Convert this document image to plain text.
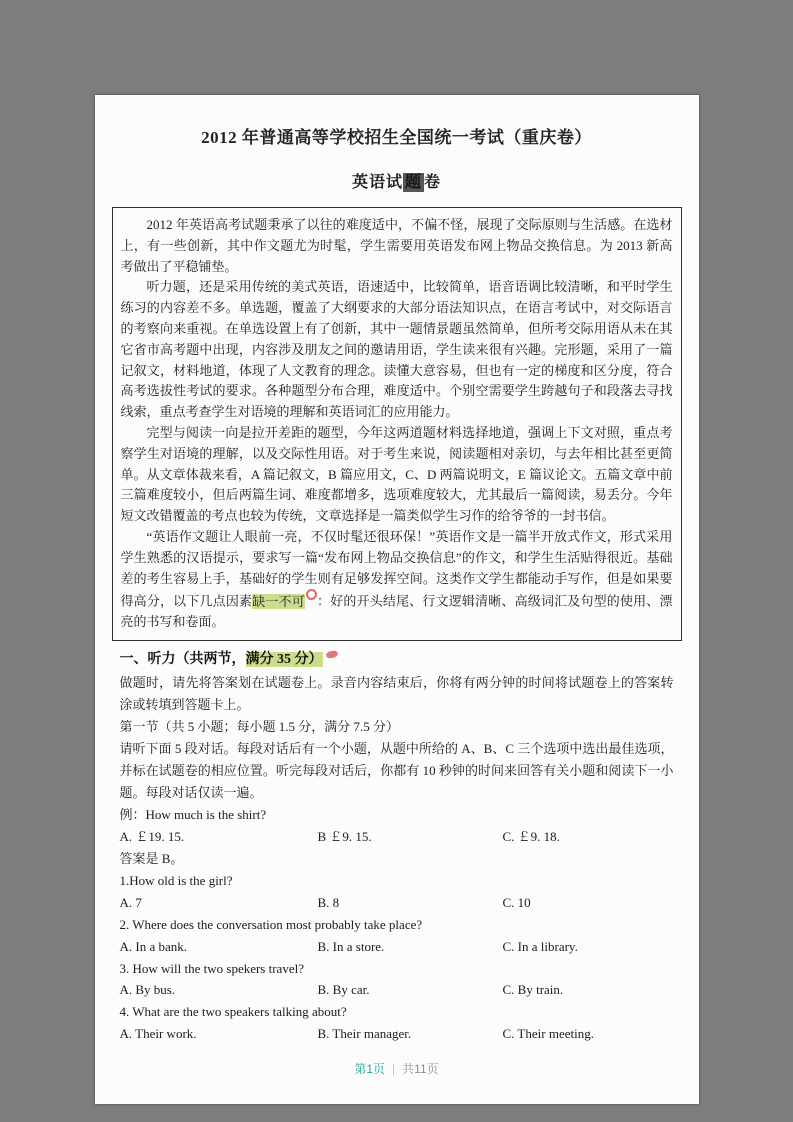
2012 年普通高等学校招生全国统一考试（重庆卷）
英语试 题 卷

2012 年英语高考试题秉承了以往的难度适中，不偏不怪，展现了交际原则与生活感。在选材上，有一些创新，其中作文题尤为时髦，学生需要用英语发布网上物品交换信息。为 2013 新高考做出了平稳铺垫。

听力题，还是采用传统的美式英语，语速适中，比较简单，语音语调比较清晰，和平时学生练习的内容差不多。单选题，覆盖了大纲要求的大部分语法知识点，在语言考试中，对交际语言的考察向来重视。在单选设置上有了创新，其中一题情景题虽然简单，但所考交际用语从未在其它省市高考题中出现，内容涉及朋友之间的邀请用语，学生读来很有兴趣。完形题，采用了一篇记叙文，材料地道，体现了人文教育的理念。读懂大意容易，但也有一定的梯度和区分度，符合高考选拔性考试的要求。各种题型分布合理，难度适中。个别空需要学生跨越句子和段落去寻找线索，重点考查学生对语境的理解和英语词汇的应用能力。

完型与阅读一向是拉开差距的题型，今年这两道题材料选择地道，强调上下文对照，重点考察学生对语境的理解，以及交际性用语。对于考生来说，阅读题相对亲切，与去年相比甚至更简单。从文章体裁来看，A 篇记叙文，B 篇应用文，C、D 两篇说明文，E 篇议论文。五篇文章中前三篇难度较小，但后两篇生词、难度都增多，选项难度较大，尤其最后一篇阅读，易丢分。今年短文改错覆盖的考点也较为传统，文章选择是一篇类似学生习作的给爷爷的一封书信。

“英语作文题让人眼前一亮，不仅时髦还很环保！”英语作文是一篇半开放式作文，形式采用学生熟悉的汉语提示，要求写一篇“发布网上物品交换信息”的作文，和学生生活贴得很近。基础差的考生容易上手，基础好的学生则有足够发挥空间。这类作文学生都能动手写作，但是如果要得高分，以下几点因素缺一不可 ：好的开头结尾、行文逻辑清晰、高级词汇及句型的使用、漂亮的书写和卷面。

一、听力（共两节，满分 35 分）

做题时，请先将答案划在试题卷上。录音内容结束后，你将有两分钟的时间将试题卷上的答案转涂或转填到答题卡上。

第一节（共 5 小题；每小题 1.5 分，满分 7.5 分）

请听下面 5 段对话。每段对话后有一个小题，从题中所给的 A、B、C 三个选项中选出最佳选项，并标在试题卷的相应位置。听完每段对话后，你都有 10 秒钟的时间来回答有关小题和阅读下一小题。每段对话仅读一遍。

例：How much is the shirt?

A. ￡19. 15.	B ￡9. 15.	C. ￡9. 18.

答案是 B。

1.How old is the girl?

A. 7	B. 8	C. 10

2. Where does the conversation most probably take place?

A. In a bank.	B. In a store.	C. In a library.

3. How will the two spekers travel?

A. By bus.	B. By car.	C. By train.

4. What are the two speakers talking about?

A. Their work.	B. Their manager.	C. Their meeting.
第1页 | 共11页
